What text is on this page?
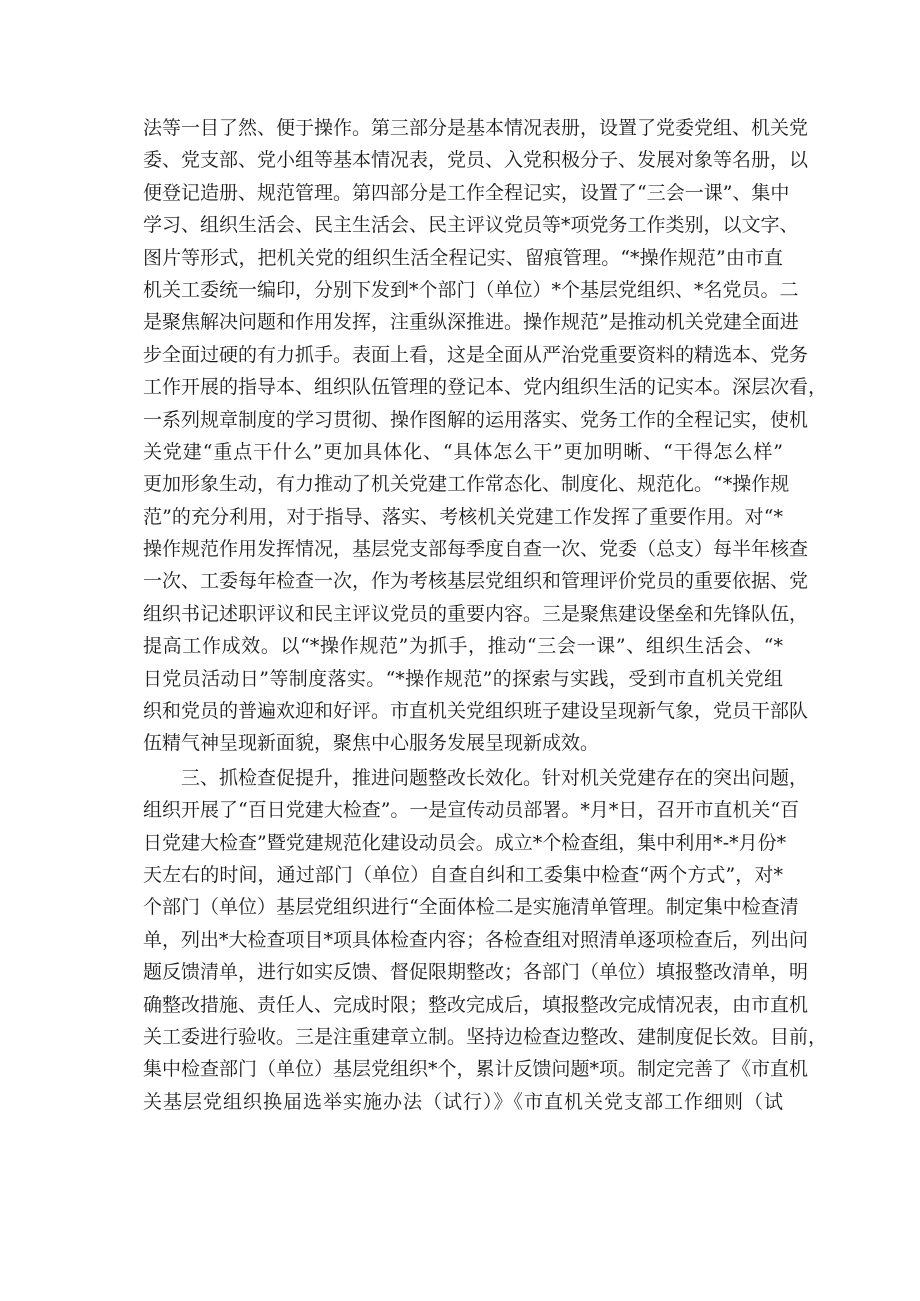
法等一目了然、便于操作。第三部分是基本情况表册，设置了党委党组、机关党
委、党支部、党小组等基本情况表，党员、入党积极分子、发展对象等名册，以
便登记造册、规范管理。第四部分是工作全程记实，设置了“三会一课”、集中
学习、组织生活会、民主生活会、民主评议党员等*项党务工作类别，以文字、
图片等形式，把机关党的组织生活全程记实、留痕管理。“*操作规范”由市直
机关工委统一编印，分别下发到*个部门（单位）*个基层党组织、*名党员。二
是聚焦解决问题和作用发挥，注重纵深推进。操作规范”是推动机关党建全面进
步全面过硬的有力抓手。表面上看，这是全面从严治党重要资料的精选本、党务
工作开展的指导本、组织队伍管理的登记本、党内组织生活的记实本。深层次看，
一系列规章制度的学习贯彻、操作图解的运用落实、党务工作的全程记实，使机
关党建“重点干什么”更加具体化、“具体怎么干”更加明晰、“干得怎么样”
更加形象生动，有力推动了机关党建工作常态化、制度化、规范化。“*操作规
范”的充分利用，对于指导、落实、考核机关党建工作发挥了重要作用。对“*
操作规范作用发挥情况，基层党支部每季度自查一次、党委（总支）每半年核查
一次、工委每年检查一次，作为考核基层党组织和管理评价党员的重要依据、党
组织书记述职评议和民主评议党员的重要内容。三是聚焦建设堡垒和先锋队伍，
提高工作成效。以“*操作规范”为抓手，推动“三会一课”、组织生活会、“*
日党员活动日”等制度落实。“*操作规范”的探索与实践，受到市直机关党组
织和党员的普遍欢迎和好评。市直机关党组织班子建设呈现新气象，党员干部队
伍精气神呈现新面貌，聚焦中心服务发展呈现新成效。
三、抓检查促提升，推进问题整改长效化。针对机关党建存在的突出问题，
组织开展了“百日党建大检查”。一是宣传动员部署。*月*日，召开市直机关“百
日党建大检查”暨党建规范化建设动员会。成立*个检查组，集中利用*-*月份*
天左右的时间，通过部门（单位）自查自纠和工委集中检查“两个方式”，对*
个部门（单位）基层党组织进行“全面体检二是实施清单管理。制定集中检查清
单，列出*大检查项目*项具体检查内容；各检查组对照清单逐项检查后，列出问
题反馈清单，进行如实反馈、督促限期整改；各部门（单位）填报整改清单，明
确整改措施、责任人、完成时限；整改完成后，填报整改完成情况表，由市直机
关工委进行验收。三是注重建章立制。坚持边检查边整改、建制度促长效。目前，
集中检查部门（单位）基层党组织*个，累计反馈问题*项。制定完善了《市直机
关基层党组织换届选举实施办法（试行）》《市直机关党支部工作细则（试
